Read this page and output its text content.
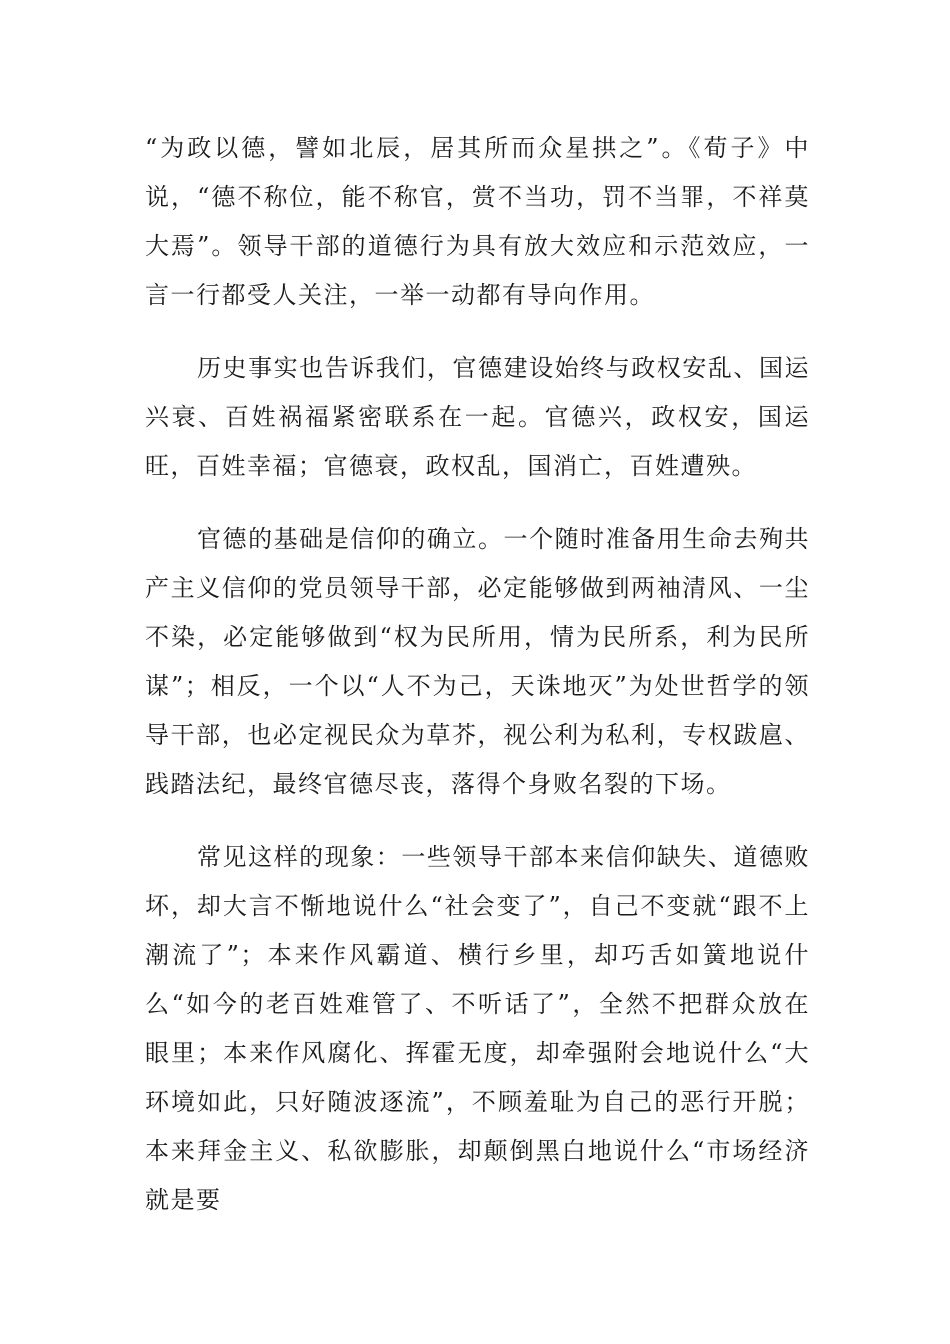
“为政以德，譬如北辰，居其所而众星拱之”。《荀子》中说，“德不称位，能不称官，赏不当功，罚不当罪，不祥莫大焉”。领导干部的道德行为具有放大效应和示范效应，一言一行都受人关注，一举一动都有导向作用。

历史事实也告诉我们，官德建设始终与政权安乱、国运兴衰、百姓祸福紧密联系在一起。官德兴，政权安，国运旺，百姓幸福；官德衰，政权乱，国消亡，百姓遭殃。

官德的基础是信仰的确立。一个随时准备用生命去殉共产主义信仰的党员领导干部，必定能够做到两袖清风、一尘不染，必定能够做到“权为民所用，情为民所系，利为民所谋”；相反，一个以“人不为己，天诛地灭”为处世哲学的领导干部，也必定视民众为草芥，视公利为私利，专权跋扈、践踏法纪，最终官德尽丧，落得个身败名裂的下场。

常见这样的现象：一些领导干部本来信仰缺失、道德败坏，却大言不惭地说什么“社会变了”，自己不变就“跟不上潮流了”；本来作风霸道、横行乡里，却巧舌如簧地说什么“如今的老百姓难管了、不听话了”，全然不把群众放在眼里；本来作风腐化、挥霍无度，却牵强附会地说什么“大环境如此，只好随波逐流”，不顾羞耻为自己的恶行开脱；本来拜金主义、私欲膨胀，却颠倒黑白地说什么“市场经济就是要
